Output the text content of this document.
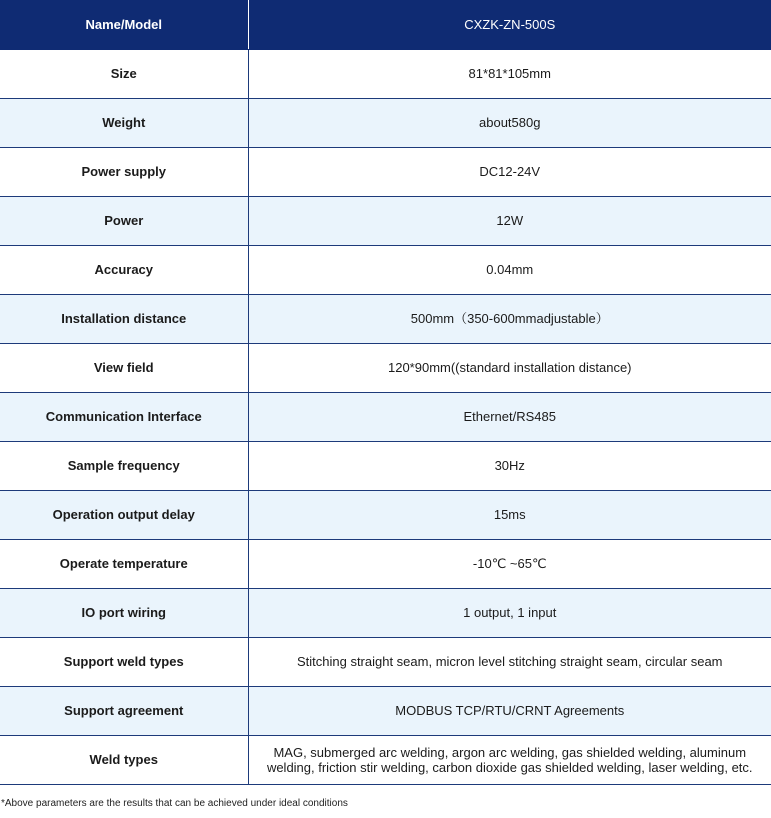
Name/Model	CXZK-ZN-500S
Size	81*81*105mm
Weight	about580g
Power supply	DC12-24V
Power	12W
Accuracy	0.04mm
Installation distance	500mm（350-600mmadjustable）
View field	120*90mm((standard installation distance)
Communication Interface	Ethernet/RS485
Sample frequency	30Hz
Operation output delay	15ms
Operate temperature	-10℃ ~65℃
IO port wiring	1 output, 1 input
Support weld types	Stitching straight seam, micron level stitching straight seam, circular seam
Support agreement	MODBUS TCP/RTU/CRNT Agreements
Weld types	MAG, submerged arc welding, argon arc welding, gas shielded welding, aluminum welding, friction stir welding, carbon dioxide gas shielded welding, laser welding, etc.
*Above parameters are the results that can be achieved under ideal conditions
